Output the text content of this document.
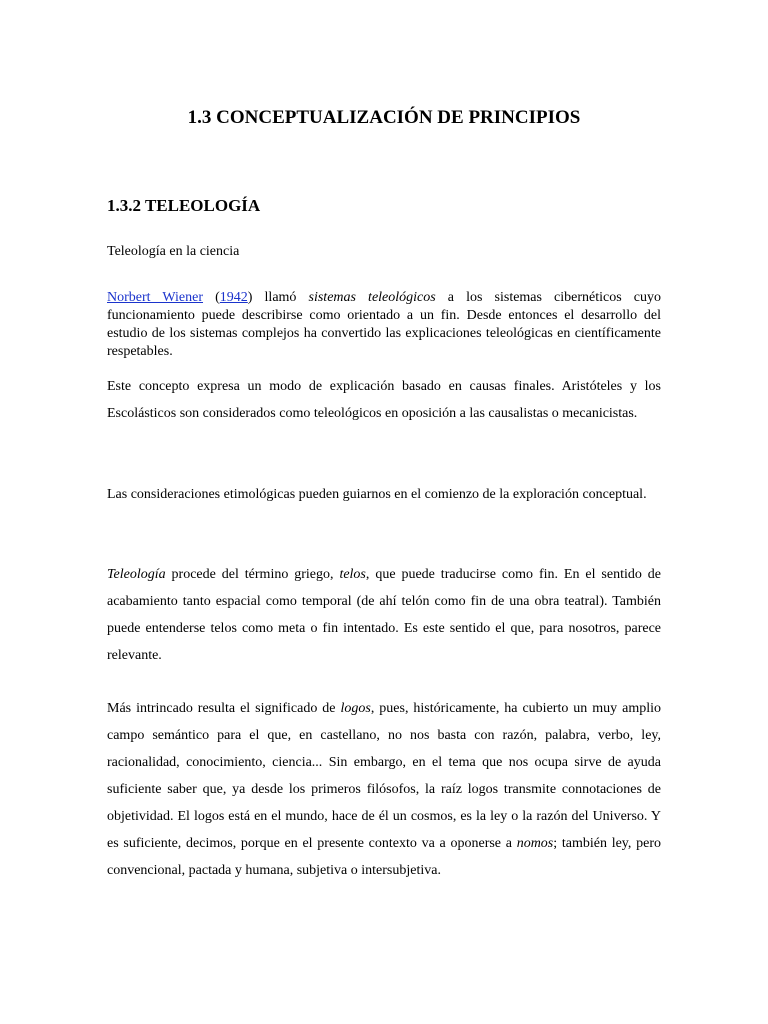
1.3 CONCEPTUALIZACIÓN DE PRINCIPIOS
1.3.2 TELEOLOGÍA
Teleología en la ciencia
Norbert Wiener (1942) llamó sistemas teleológicos a los sistemas cibernéticos cuyo funcionamiento puede describirse como orientado a un fin. Desde entonces el desarrollo del estudio de los sistemas complejos ha convertido las explicaciones teleológicas en científicamente respetables.
Este concepto expresa un modo de explicación basado en causas finales. Aristóteles y los Escolásticos son considerados como teleológicos en oposición a las causalistas o mecanicistas.
Las consideraciones etimológicas pueden guiarnos en el comienzo de la exploración conceptual.
Teleología procede del término griego, telos, que puede traducirse como fin. En el sentido de acabamiento tanto espacial como temporal (de ahí telón como fin de una obra teatral). También puede entenderse telos como meta o fin intentado. Es este sentido el que, para nosotros, parece relevante.
Más intrincado resulta el significado de logos, pues, históricamente, ha cubierto un muy amplio campo semántico para el que, en castellano, no nos basta con razón, palabra, verbo, ley, racionalidad, conocimiento, ciencia... Sin embargo, en el tema que nos ocupa sirve de ayuda suficiente saber que, ya desde los primeros filósofos, la raíz logos transmite connotaciones de objetividad. El logos está en el mundo, hace de él un cosmos, es la ley o la razón del Universo. Y es suficiente, decimos, porque en el presente contexto va a oponerse a nomos; también ley, pero convencional, pactada y humana, subjetiva o intersubjetiva.
